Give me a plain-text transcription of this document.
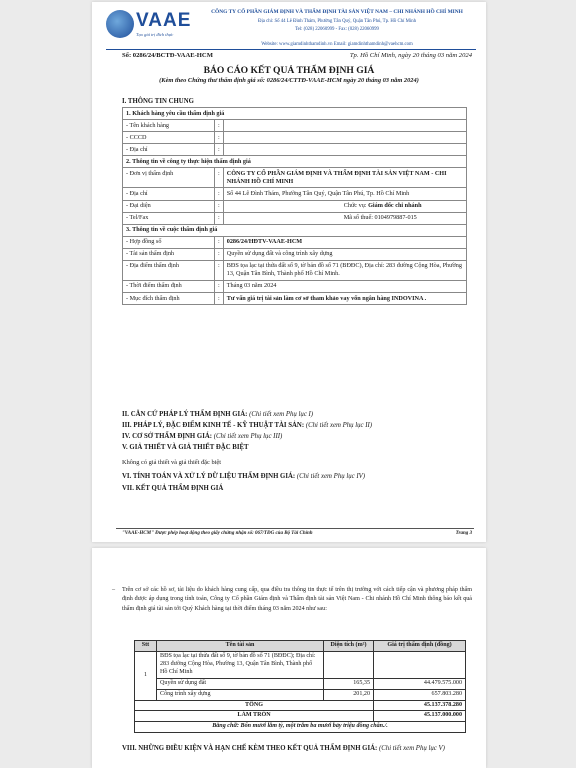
VAAE
Tạo giá trị đích thực
CÔNG TY CỔ PHẦN GIÁM ĐỊNH VÀ THẨM ĐỊNH TÀI SẢN VIỆT NAM – CHI NHÁNH HỒ CHÍ MINH
Địa chỉ: Số 44 Lê Đình Thám, Phường Tân Quý, Quận Tân Phú, Tp. Hồ Chí Minh
Tel: (028) 22060999 - Fax: (028) 22060999
Website: www.giamdinhthamdinh.vn Email: giamdinhthamdinh@vaehcm.com
Số: 0286/24/BCTĐ-VAAE-HCM	Tp. Hồ Chí Minh, ngày 20 tháng 03 năm 2024
BÁO CÁO KẾT QUẢ THẨM ĐỊNH GIÁ
(Kèm theo Chứng thư thẩm định giá số: 0286/24/CTTĐ-VAAE-HCM ngày 20 tháng 03 năm 2024)
I. THÔNG TIN CHUNG
1. Khách hàng yêu cầu thẩm định giá		
- Tên khách hàng	:	
- CCCD	:	
- Địa chỉ	:	
2. Thông tin về công ty thực hiện thẩm định giá		
- Đơn vị thẩm định	:	CÔNG TY CỔ PHẦN GIÁM ĐỊNH VÀ THẨM ĐỊNH TÀI SẢN VIỆT NAM - CHI NHÁNH HỒ CHÍ MINH
- Địa chỉ	:	Số 44 Lê Đình Thám, Phường Tân Quý, Quận Tân Phú, Tp. Hồ Chí Minh
- Đại diện	:	Chức vụ: Giám đốc chi nhánh
- Tel/Fax	:	Mã số thuế: 0104979887-015
3. Thông tin về cuộc thẩm định giá		
- Hợp đồng số	:	0286/24/HĐTV-VAAE-HCM
- Tài sản thẩm định	:	Quyền sử dụng đất và công trình xây dựng
- Địa điểm thẩm định	:	BĐS tọa lạc tại thửa đất số 9, tờ bản đồ số 71 (BĐĐC), Địa chỉ: 283 đường Cộng Hòa, Phường 13, Quận Tân Bình, Thành phố Hồ Chí Minh.
- Thời điểm thẩm định	:	Tháng 03 năm 2024
- Mục đích thẩm định	:	Tư vấn giá trị tài sản làm cơ sở tham khảo vay vốn ngân hàng INDOVINA .
II. CĂN CỨ PHÁP LÝ THẨM ĐỊNH GIÁ: (Chi tiết xem Phụ lục I)
III. PHÁP LÝ, ĐẶC ĐIỂM KINH TẾ - KỸ THUẬT TÀI SẢN: (Chi tiết xem Phụ lục II)
IV. CƠ SỞ THẨM ĐỊNH GIÁ: (Chi tiết xem Phụ lục III)
V. GIẢ THIẾT VÀ GIẢ THIẾT ĐẶC BIỆT
Không có giả thiết và giả thiết đặc biệt
VI. TÍNH TOÁN VÀ XỬ LÝ DỮ LIỆU THẨM ĐỊNH GIÁ: (Chi tiết xem Phụ lục IV)
VII. KẾT QUẢ THẨM ĐỊNH GIÁ
"VAAE-HCM" Được phép hoạt động theo giấy chứng nhận số: 067/TĐG của Bộ Tài Chính	Trang 3
– Trên cơ sở các hồ sơ, tài liệu do khách hàng cung cấp, qua điều tra thông tin thực tế trên thị trường với cách tiếp cận và phương pháp thẩm định được áp dụng trong tính toán, Công ty Cổ phần Giám định và Thẩm định tài sản Việt Nam - Chi nhánh Hồ Chí Minh thông báo kết quả thẩm định giá tài sản tới Quý Khách hàng tại thời điểm tháng 03 năm 2024 như sau:
Stt	Tên tài sản	Diện tích (m²)	Giá trị thẩm định (đồng)
1	BĐS tọa lạc tại thửa đất số 9, tờ bản đồ số 71 (BĐĐC); Địa chỉ: 283 đường Cộng Hòa, Phường 13, Quận Tân Bình, Thành phố Hồ Chí Minh		
	Quyền sử dụng đất	165,35	44.479.575.000
	Công trình xây dựng	201,20	657.803.280
TỔNG			45.137.378.280
LÀM TRÒN			45.137.000.000
Bằng chữ: Bốn mươi lăm tỷ, một trăm ba mươi bảy triệu đồng chẵn./.			
VIII. NHỮNG ĐIỀU KIỆN VÀ HẠN CHẾ KÈM THEO KẾT QUẢ THẨM ĐỊNH GIÁ: (Chi tiết xem Phụ lục V)
